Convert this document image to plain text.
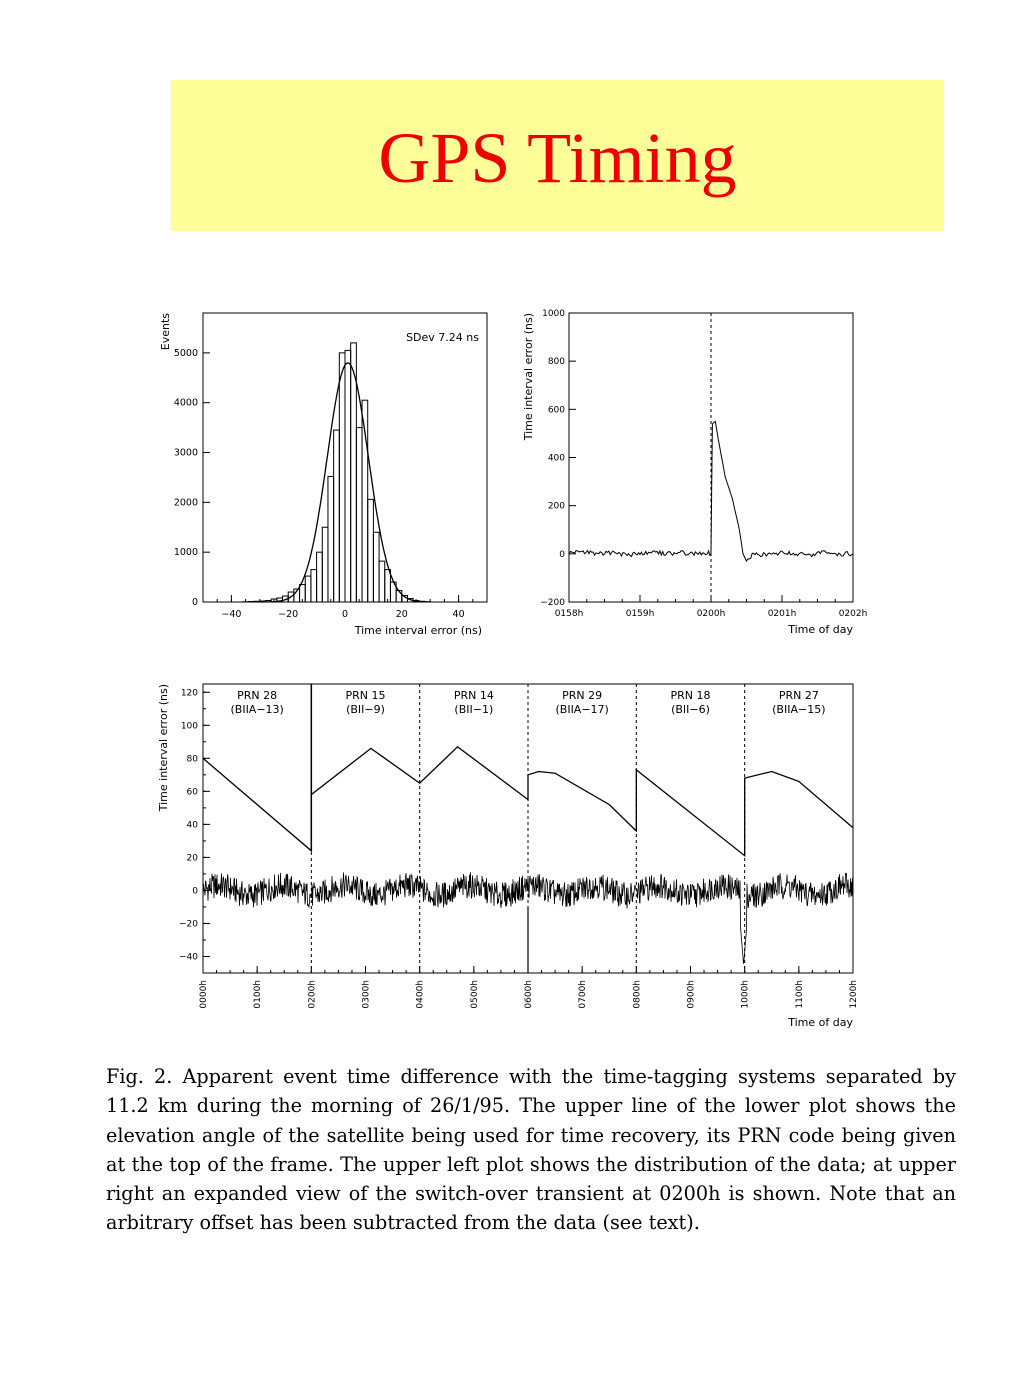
GPS Timing
−40	−20	0	20	40
0
1000
2000
3000
4000
5000
Time interval error (ns)
Events	SDev 7.24 ns
0158h	0159h	0200h	0201h	0202h
−200
0
200
400
600
800
1000
Time of day
Time interval error (ns)
0000h	0100h	0200h	0300h	0400h	0500h	0600h	0700h	0800h	0900h	1000h	1100h	1200h
−40
−20
0
20
40
60
80
100
120
Time of day
Time interval error (ns)	PRN 28
(BIIA−13)
PRN 15
(BII−9)
PRN 14
(BII−1)
PRN 29
(BIIA−17)
PRN 18
(BII−6)
PRN 27
(BIIA−15)
Fig. 2. Apparent event time difference with the time-tagging systems separated by 11.2 km during the morning of 26/1/95. The upper line of the lower plot shows the elevation angle of the satellite being used for time recovery, its PRN code being given at the top of the frame. The upper left plot shows the distribution of the data; at upper right an expanded view of the switch-over transient at 0200h is shown. Note that an arbitrary offset has been subtracted from the data (see text).
